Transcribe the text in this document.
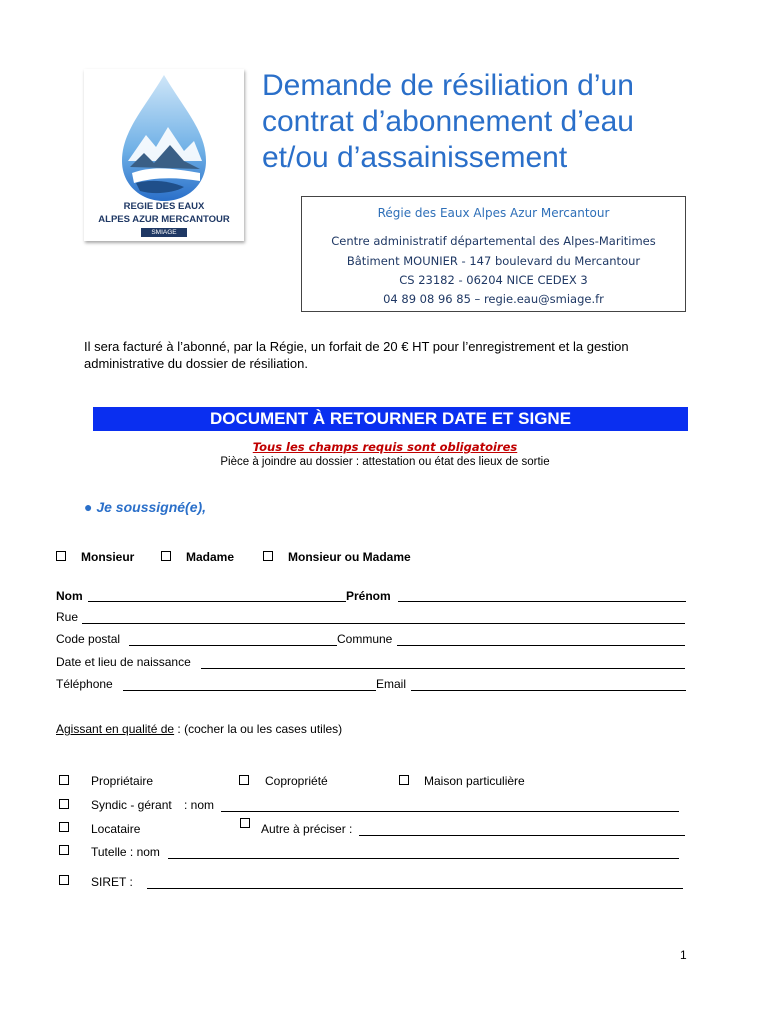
REGIE DES EAUX
ALPES AZUR MERCANTOUR
SMIAGE
Demande de résiliation d’un
contrat d’abonnement d’eau
et/ou d’assainissement
Régie des Eaux Alpes Azur Mercantour
Centre administratif départemental des Alpes-Maritimes
Bâtiment MOUNIER - 147 boulevard du Mercantour
CS 23182 - 06204 NICE CEDEX 3
04 89 08 96 85 – regie.eau@smiage.fr
Il sera facturé à l’abonné, par la Régie, un forfait de 20 € HT pour l’enregistrement et la gestion administrative du dossier de résiliation.
DOCUMENT À RETOURNER DATE ET SIGNE
Tous les champs requis sont obligatoires
Pièce à joindre au dossier : attestation ou état des lieux de sortie
● Je soussigné(e),
Monsieur	Madame	Monsieur ou Madame
Nom	Prénom
Rue
Code postal	Commune
Date et lieu de naissance
Téléphone	Email
Agissant en qualité de : (cocher la ou les cases utiles)
Propriétaire	Copropriété	Maison particulière
Syndic - gérant : nom
Locataire	Autre à préciser :
Tutelle : nom
SIRET :
1
